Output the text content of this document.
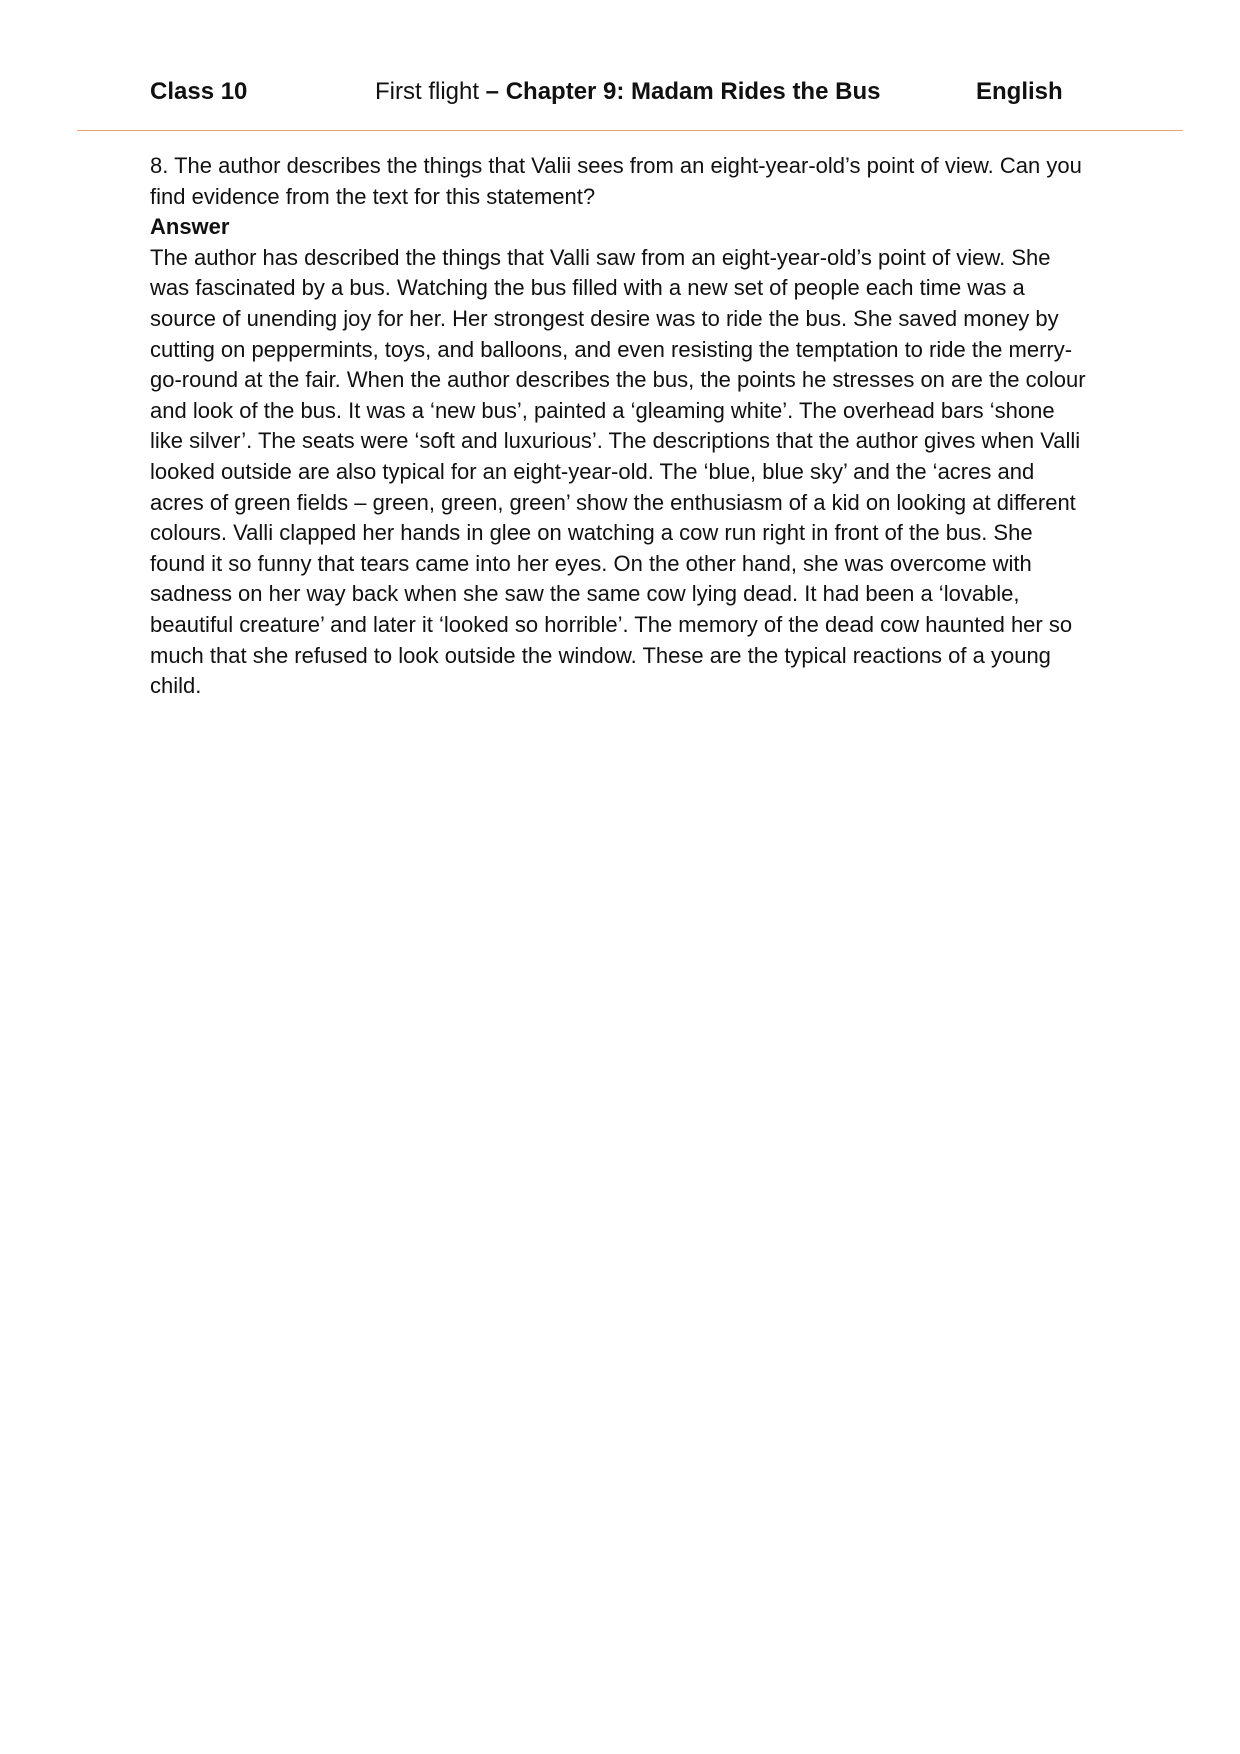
Class 10	First flight – Chapter 9: Madam Rides the Bus	English

8. The author describes the things that Valii sees from an eight-year-old’s point of view. Can you find evidence from the text for this statement?

Answer

The author has described the things that Valli saw from an eight-year-old’s point of view. She was fascinated by a bus. Watching the bus filled with a new set of people each time was a source of unending joy for her. Her strongest desire was to ride the bus. She saved money by cutting on peppermints, toys, and balloons, and even resisting the temptation to ride the merry-go-round at the fair. When the author describes the bus, the points he stresses on are the colour and look of the bus. It was a ‘new bus’, painted a ‘gleaming white’. The overhead bars ‘shone like silver’. The seats were ‘soft and luxurious’. The descriptions that the author gives when Valli looked outside are also typical for an eight-year-old. The ‘blue, blue sky’ and the ‘acres and acres of green fields – green, green, green’ show the enthusiasm of a kid on looking at different colours. Valli clapped her hands in glee on watching a cow run right in front of the bus. She found it so funny that tears came into her eyes. On the other hand, she was overcome with sadness on her way back when she saw the same cow lying dead. It had been a ‘lovable, beautiful creature’ and later it ‘looked so horrible’. The memory of the dead cow haunted her so much that she refused to look outside the window. These are the typical reactions of a young child.
